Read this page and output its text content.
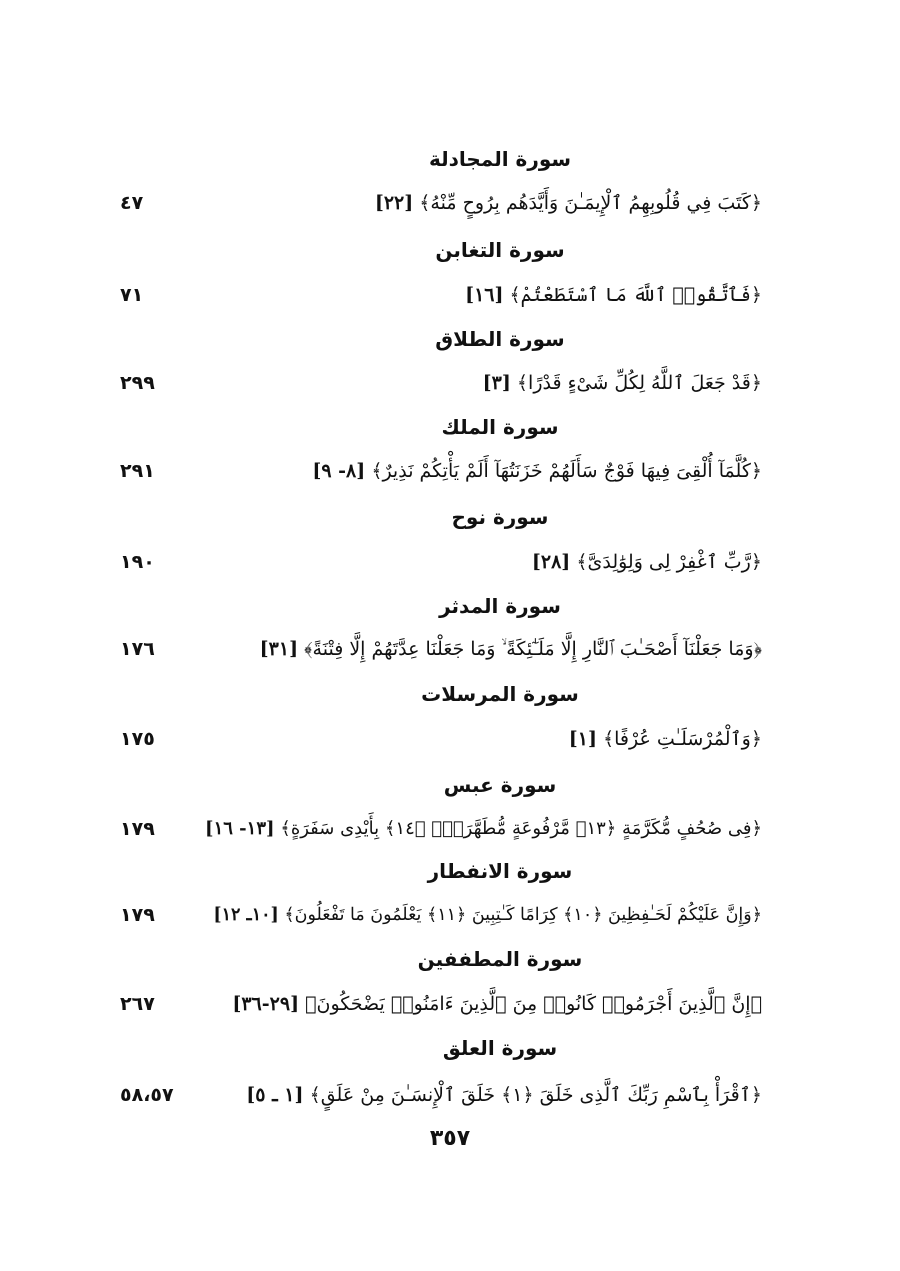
سورة المجادلة
﴿كَتَبَ فِي قُلُوبِهِمُ ٱلْإِيمَـٰنَ وَأَيَّدَهُم بِرُوحٍ مِّنْهُ﴾ [٢٢]
٤٧
سورة التغابن
﴿فَٱتَّقُوا۟ ٱللَّهَ مَا ٱسْتَطَعْتُمْ﴾ [١٦]
٧١
سورة الطلاق
﴿قَدْ جَعَلَ ٱللَّهُ لِكُلِّ شَىْءٍ قَدْرًا﴾ [٣]
٢٩٩
سورة الملك
﴿كُلَّمَآ أُلْقِىَ فِيهَا فَوْجٌ سَأَلَهُمْ خَزَنَتُهَآ أَلَمْ يَأْتِكُمْ نَذِيرٌ﴾ [٨- ٩]
٢٩١
سورة نوح
﴿رَّبِّ ٱغْفِرْ لِى وَلِوَٰلِدَىَّ﴾ [٢٨]
١٩٠
سورة المدثر
﴿وَمَا جَعَلْنَآ أَصْحَـٰبَ ٱلنَّارِ إِلَّا مَلَـٰٓئِكَةً ۙ وَمَا جَعَلْنَا عِدَّتَهُمْ إِلَّا فِتْنَةً﴾ [٣١]
١٧٦
سورة المرسلات
﴿وَٱلْمُرْسَلَـٰتِ عُرْفًا﴾ [١]
١٧٥
سورة عبس
﴿فِى صُحُفٍ مُّكَرَّمَةٍ ﴿١٣﴾ مَّرْفُوعَةٍ مُّطَهَّرَةٍۭ ﴿١٤﴾ بِأَيْدِى سَفَرَةٍ﴾ [١٣- ١٦]
١٧٩
سورة الانفطار
﴿وَإِنَّ عَلَيْكُمْ لَحَـٰفِظِينَ ﴿١٠﴾ كِرَامًا كَـٰتِبِينَ ﴿١١﴾ يَعْلَمُونَ مَا تَفْعَلُونَ﴾ [١٠ـ ١٢]
١٧٩
سورة المطففين
﴿إِنَّ ٱلَّذِينَ أَجْرَمُوا۟ كَانُوا۟ مِنَ ٱلَّذِينَ ءَامَنُوا۟ يَضْحَكُونَ﴾ [٢٩-٣٦]
٢٦٧
سورة العلق
﴿ٱقْرَأْ بِٱسْمِ رَبِّكَ ٱلَّذِى خَلَقَ ﴿١﴾ خَلَقَ ٱلْإِنسَـٰنَ مِنْ عَلَقٍ﴾ [١ ـ ٥]
٥٨،٥٧
٣٥٧
